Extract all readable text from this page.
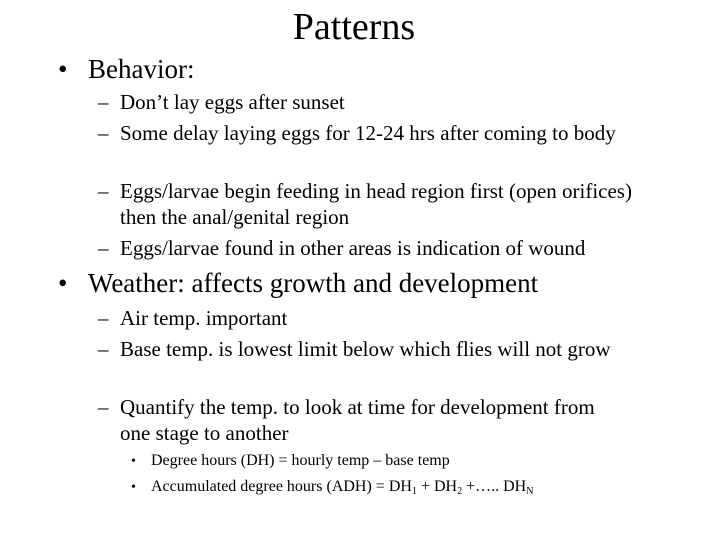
Patterns
• Behavior:
– Don’t lay eggs after sunset
– Some delay laying eggs for 12-24 hrs after coming to body
– Eggs/larvae begin feeding in head region first (open orifices) then the anal/genital region
– Eggs/larvae found in other areas is indication of wound
• Weather: affects growth and development
– Air temp. important
– Base temp. is lowest limit below which flies will not grow
– Quantify the temp. to look at time for development from one stage to another
• Degree hours (DH) = hourly temp – base temp
• Accumulated degree hours $(ADH) = DH_1 + DH_2$ +….. $DH_N$
